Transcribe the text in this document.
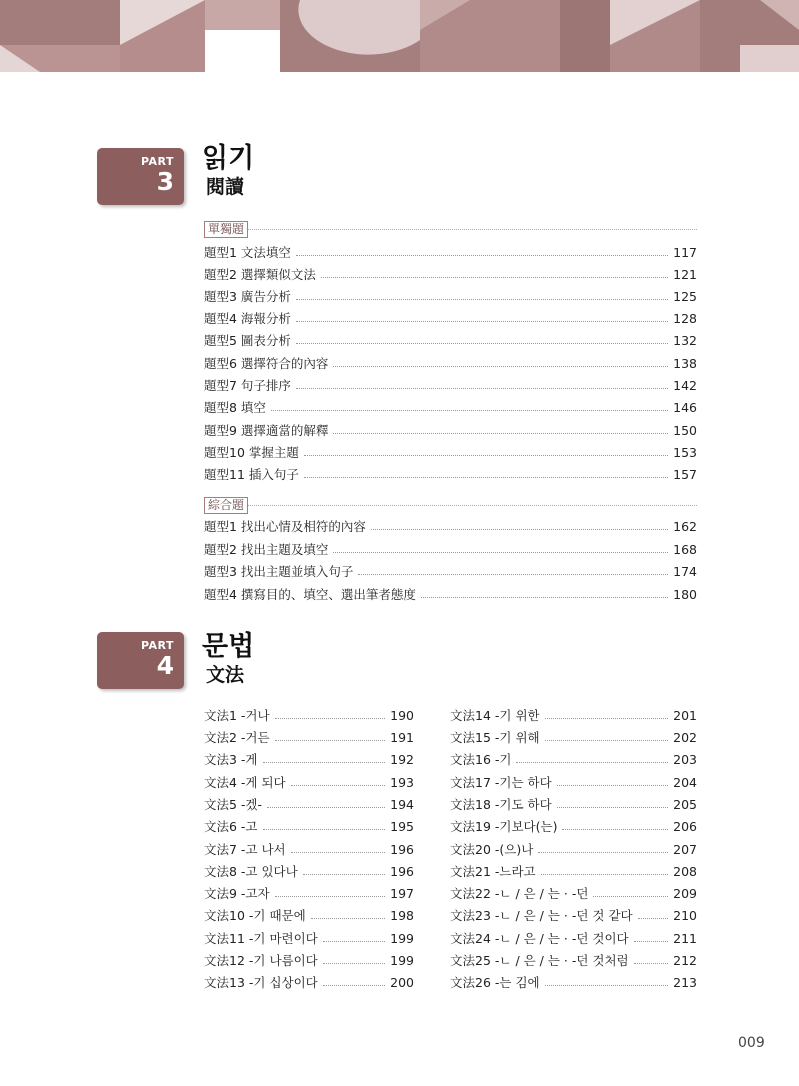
PART
3
읽기
閱讀
單獨題
題型1 文法填空	117
題型2 選擇類似文法	121
題型3 廣告分析	125
題型4 海報分析	128
題型5 圖表分析	132
題型6 選擇符合的內容	138
題型7 句子排序	142
題型8 填空	146
題型9 選擇適當的解釋	150
題型10 掌握主題	153
題型11 插入句子	157
綜合題
題型1 找出心情及相符的內容	162
題型2 找出主題及填空	168
題型3 找出主題並填入句子	174
題型4 撰寫目的、填空、選出筆者態度	180
PART
4
문법
文法
文法1 -거나	190
文法2 -거든	191
文法3 -게	192
文法4 -게 되다	193
文法5 -겠-	194
文法6 -고	195
文法7 -고 나서	196
文法8 -고 있다나	196
文法9 -고자	197
文法10 -기 때문에	198
文法11 -기 마련이다	199
文法12 -기 나름이다	199
文法13 -기 십상이다	200
文法14 -기 위한	201
文法15 -기 위해	202
文法16 -기	203
文法17 -기는 하다	204
文法18 -기도 하다	205
文法19 -기보다(는)	206
文法20 -(으)나	207
文法21 -느라고	208
文法22 -ㄴ / 은 / 는 · -던	209
文法23 -ㄴ / 은 / 는 · -던 것 같다	210
文法24 -ㄴ / 은 / 는 · -던 것이다	211
文法25 -ㄴ / 은 / 는 · -던 것처럼	212
文法26 -는 김에	213
009
